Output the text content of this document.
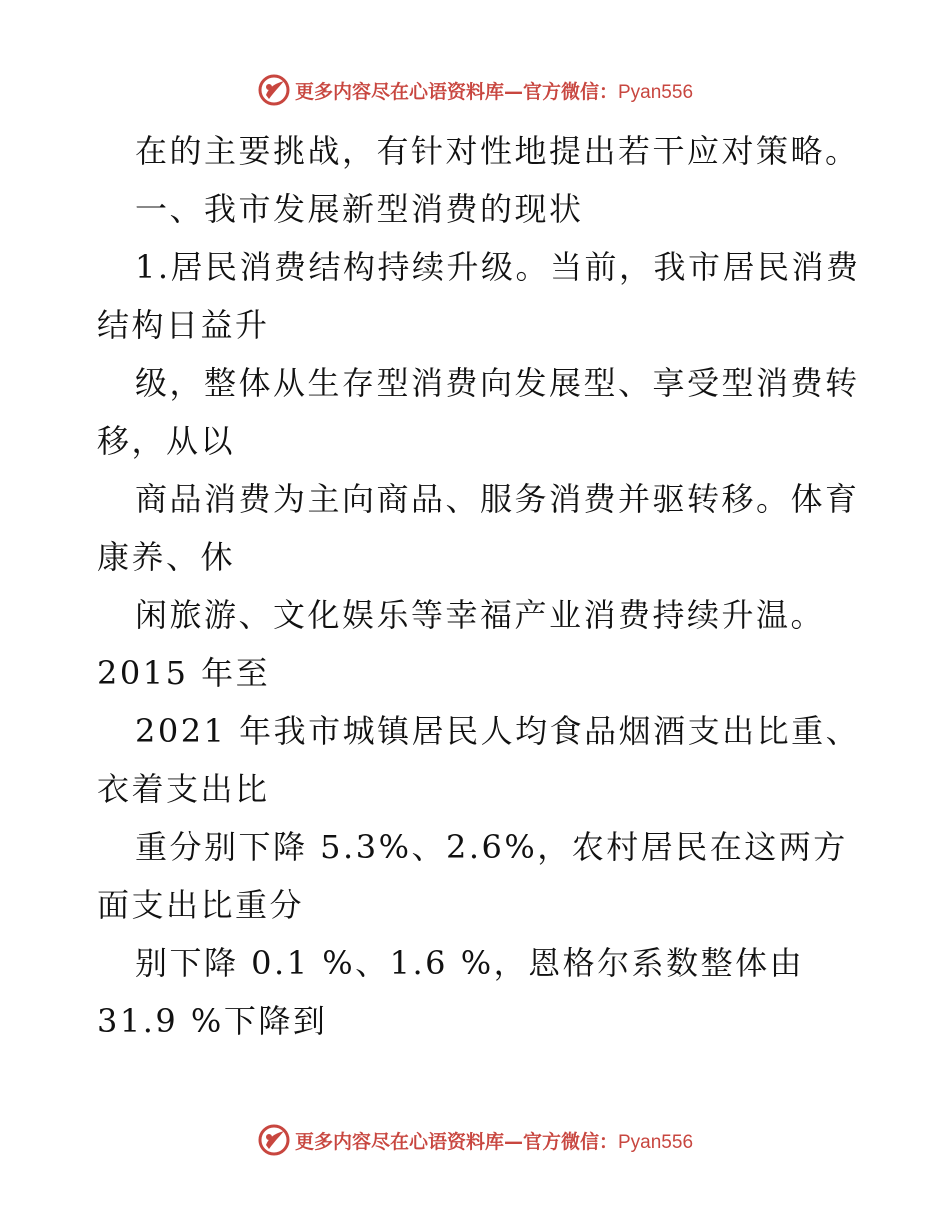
更多内容尽在心语资料库—官方微信：Pyan556
在的主要挑战，有针对性地提出若干应对策略。
一、我市发展新型消费的现状
1.居民消费结构持续升级。当前，我市居民消费
结构日益升
级，整体从生存型消费向发展型、享受型消费转
移，从以
商品消费为主向商品、服务消费并驱转移。体育
康养、休
闲旅游、文化娱乐等幸福产业消费持续升温。
2015 年至
2021 年我市城镇居民人均食品烟酒支出比重、
衣着支出比
重分别下降 5.3%、2.6%，农村居民在这两方
面支出比重分
别下降 0.1 %、1.6 %，恩格尔系数整体由
31.9 %下降到
更多内容尽在心语资料库—官方微信：Pyan556
